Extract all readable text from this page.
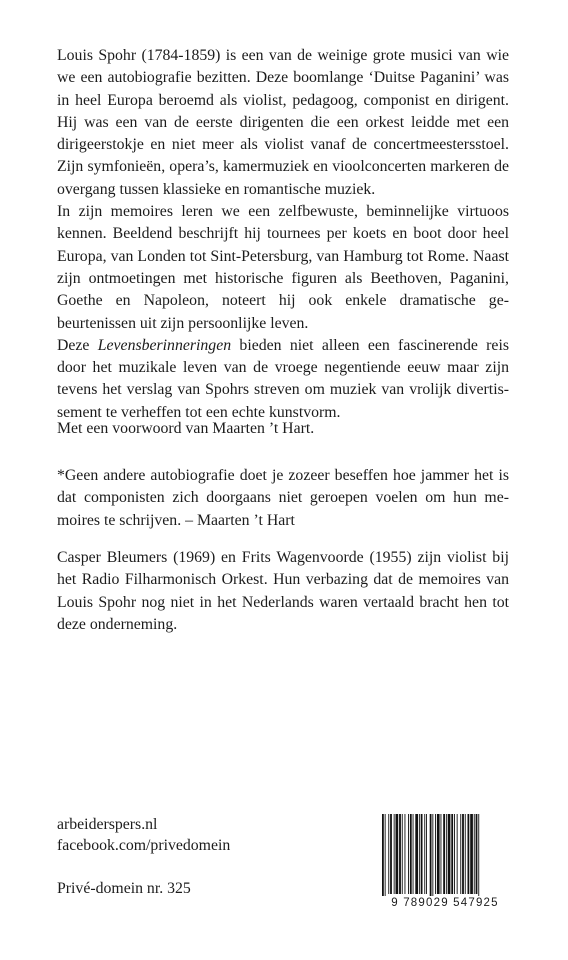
Louis Spohr (1784-1859) is een van de weinige grote musici van wie we een autobiografie bezitten. Deze boomlange ‘Duitse Paganini’ was in heel Europa beroemd als violist, pedagoog, componist en dirigent. Hij was een van de eerste dirigenten die een orkest leidde met een dirigeerstokje en niet meer als violist vanaf de concertmeestersstoel. Zijn symfonieën, opera’s, kamermuziek en vioolconcerten markeren de overgang tussen klassieke en romantische muziek.

In zijn memoires leren we een zelfbewuste, beminnelijke virtuoos kennen. Beeldend beschrijft hij tournees per koets en boot door heel Europa, van Londen tot Sint-Petersburg, van Hamburg tot Rome. Naast zijn ontmoetingen met historische figuren als Beethoven, Paganini, Goethe en Napoleon, noteert hij ook enkele dramatische gebeurtenissen uit zijn persoonlijke leven.

Deze Levensberinneringen bieden niet alleen een fascinerende reis door het muzikale leven van de vroege negentiende eeuw maar zijn tevens het verslag van Spohrs streven om muziek van vrolijk divertissement te verheffen tot een echte kunstvorm.

Met een voorwoord van Maarten ’t Hart.

*Geen andere autobiografie doet je zozeer beseffen hoe jammer het is dat componisten zich doorgaans niet geroepen voelen om hun memoires te schrijven. – Maarten ’t Hart

Casper Bleumers (1969) en Frits Wagenvoorde (1955) zijn violist bij het Radio Filharmonisch Orkest. Hun verbazing dat de memoires van Louis Spohr nog niet in het Nederlands waren vertaald bracht hen tot deze onderneming.

arbeiderspers.nl
facebook.com/privedomein
Privé-domein nr. 325
9 789029 547925
